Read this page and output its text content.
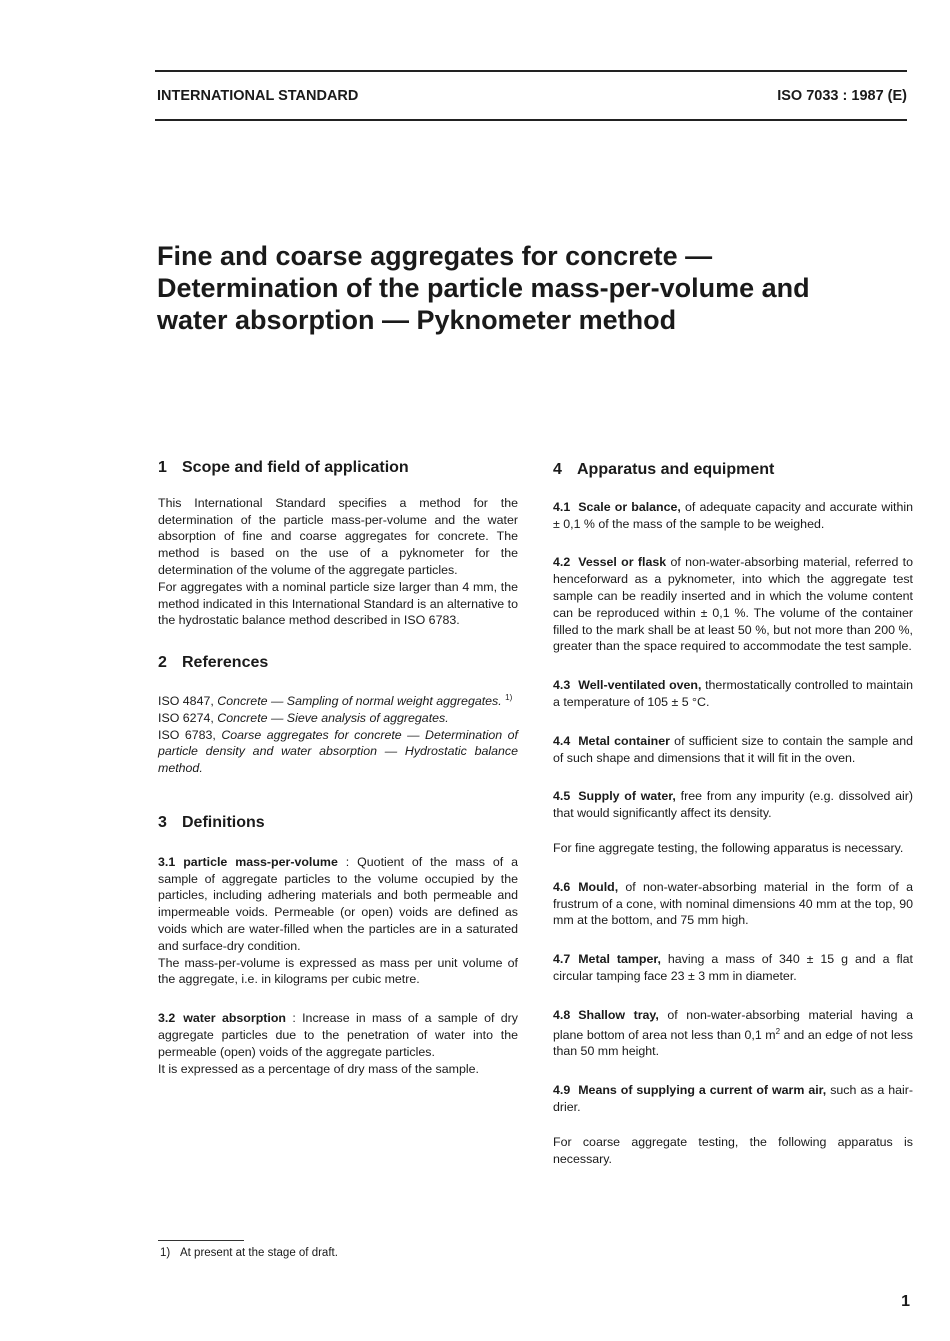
INTERNATIONAL STANDARD	ISO 7033 : 1987 (E)
Fine and coarse aggregates for concrete —
Determination of the particle mass-per-volume and
water absorption — Pyknometer method
1 Scope and field of application

This International Standard specifies a method for the determination of the particle mass-per-volume and the water absorption of fine and coarse aggregates for concrete. The method is based on the use of a pyknometer for the determination of the volume of the aggregate particles.

For aggregates with a nominal particle size larger than 4 mm, the method indicated in this International Standard is an alternative to the hydrostatic balance method described in ISO 6783.

2 References

ISO 4847, Concrete — Sampling of normal weight aggregates. $^{1)}$

ISO 6274, Concrete — Sieve analysis of aggregates.

ISO 6783, Coarse aggregates for concrete — Determination of particle density and water absorption — Hydrostatic balance method.

3 Definitions

3.1 particle mass-per-volume : Quotient of the mass of a sample of aggregate particles to the volume occupied by the particles, including adhering materials and both permeable and impermeable voids. Permeable (or open) voids are defined as voids which are water-filled when the particles are in a saturated and surface-dry condition.

The mass-per-volume is expressed as mass per unit volume of the aggregate, i.e. in kilograms per cubic metre.

3.2 water absorption : Increase in mass of a sample of dry aggregate particles due to the penetration of water into the permeable (open) voids of the aggregate particles.

It is expressed as a percentage of dry mass of the sample.

4 Apparatus and equipment

4.1 Scale or balance, of adequate capacity and accurate within ± 0,1 % of the mass of the sample to be weighed.

4.2 Vessel or flask of non-water-absorbing material, referred to henceforward as a pyknometer, into which the aggregate test sample can be readily inserted and in which the volume content can be reproduced within ± 0,1 %. The volume of the container filled to the mark shall be at least 50 %, but not more than 200 %, greater than the space required to accommodate the test sample.

4.3 Well-ventilated oven, thermostatically controlled to maintain a temperature of 105 ± 5 °C.

4.4 Metal container of sufficient size to contain the sample and of such shape and dimensions that it will fit in the oven.

4.5 Supply of water, free from any impurity (e.g. dissolved air) that would significantly affect its density.

For fine aggregate testing, the following apparatus is necessary.

4.6 Mould, of non-water-absorbing material in the form of a frustrum of a cone, with nominal dimensions 40 mm at the top, 90 mm at the bottom, and 75 mm high.

4.7 Metal tamper, having a mass of 340 ± 15 g and a flat circular tamping face 23 ± 3 mm in diameter.

4.8 Shallow tray, of non-water-absorbing material having a plane bottom of area not less than 0,1 $m^2$ and an edge of not less than 50 mm height.

4.9 Means of supplying a current of warm air, such as a hair-drier.

For coarse aggregate testing, the following apparatus is necessary.

1) At present at the stage of draft.
1
